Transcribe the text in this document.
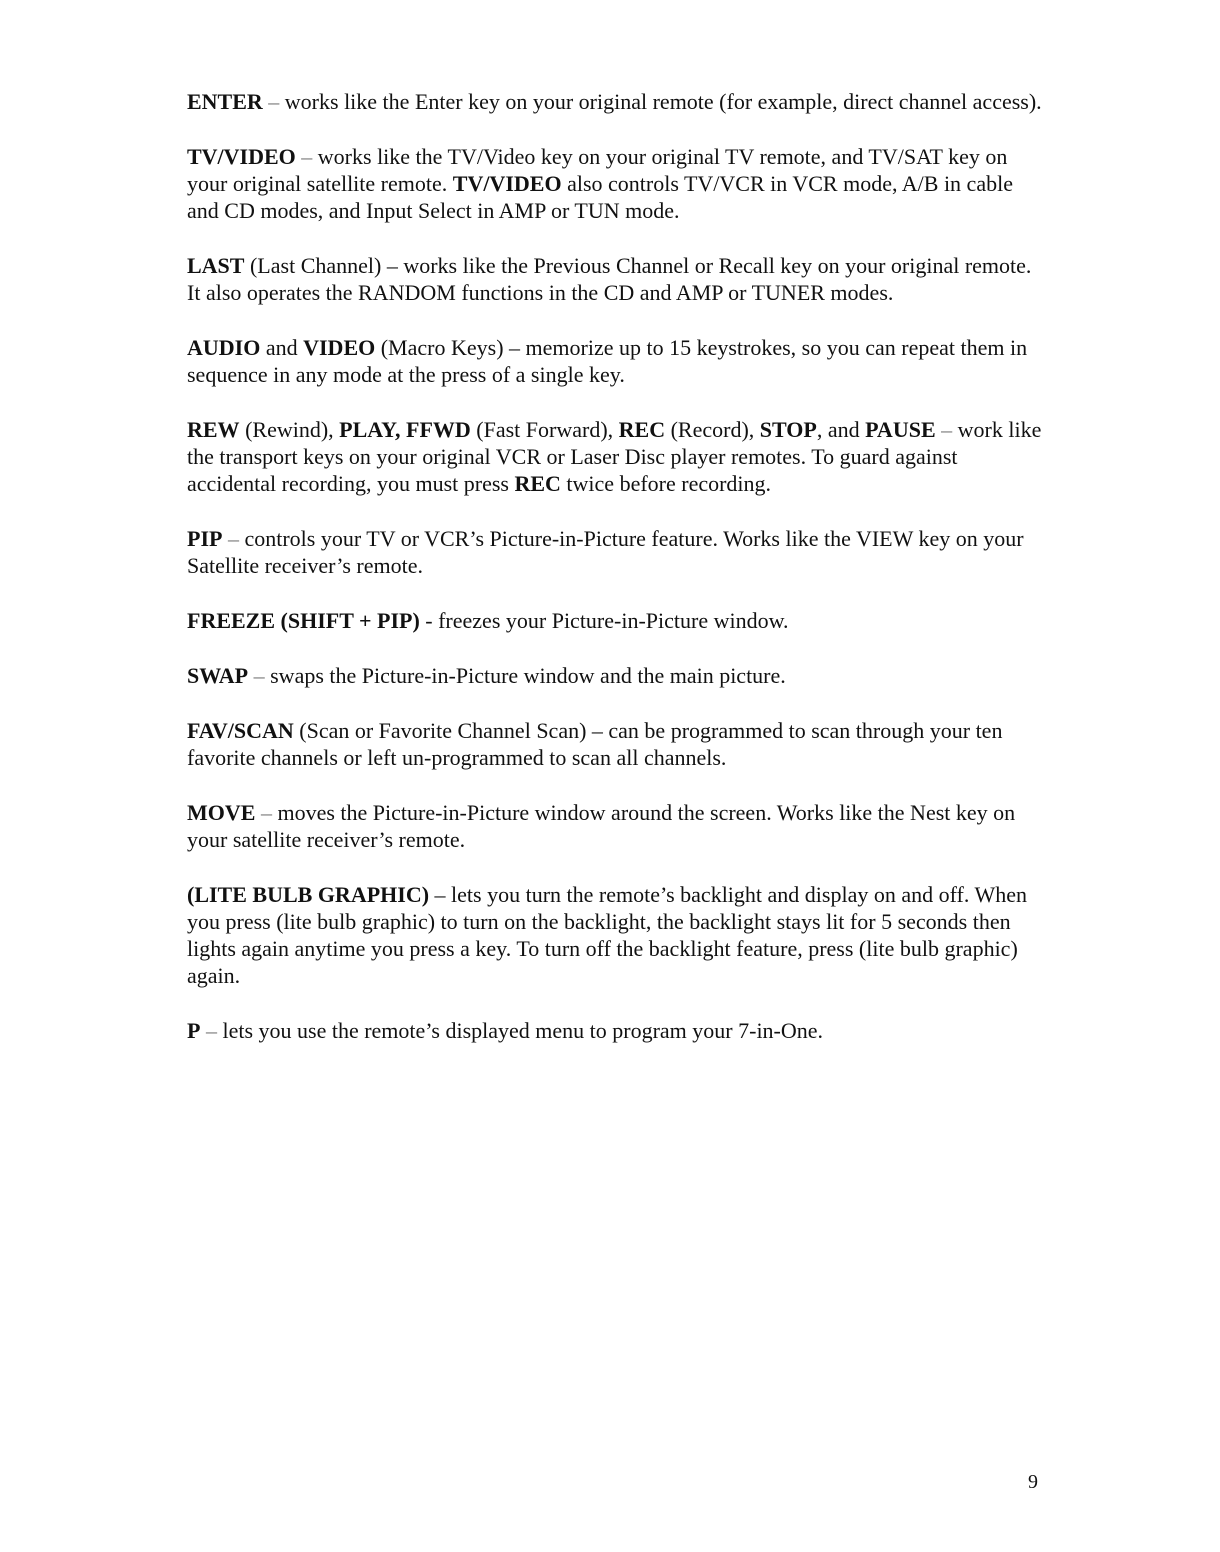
ENTER – works like the Enter key on your original remote (for example, direct channel access).

TV/VIDEO – works like the TV/Video key on your original TV remote, and TV/SAT key on your original satellite remote. TV/VIDEO also controls TV/VCR in VCR mode, A/B in cable and CD modes, and Input Select in AMP or TUN mode.

LAST (Last Channel) – works like the Previous Channel or Recall key on your original remote. It also operates the RANDOM functions in the CD and AMP or TUNER modes.

AUDIO and VIDEO (Macro Keys) – memorize up to 15 keystrokes, so you can repeat them in sequence in any mode at the press of a single key.

REW (Rewind), PLAY, FFWD (Fast Forward), REC (Record), STOP, and PAUSE – work like the transport keys on your original VCR or Laser Disc player remotes. To guard against accidental recording, you must press REC twice before recording.

PIP – controls your TV or VCR’s Picture-in-Picture feature. Works like the VIEW key on your Satellite receiver’s remote.

FREEZE (SHIFT + PIP) - freezes your Picture-in-Picture window.

SWAP – swaps the Picture-in-Picture window and the main picture.

FAV/SCAN (Scan or Favorite Channel Scan) – can be programmed to scan through your ten favorite channels or left un-programmed to scan all channels.

MOVE – moves the Picture-in-Picture window around the screen. Works like the Nest key on your satellite receiver’s remote.

(LITE BULB GRAPHIC) – lets you turn the remote’s backlight and display on and off. When you press (lite bulb graphic) to turn on the backlight, the backlight stays lit for 5 seconds then lights again anytime you press a key. To turn off the backlight feature, press (lite bulb graphic) again.

P – lets you use the remote’s displayed menu to program your 7-in-One.

9
